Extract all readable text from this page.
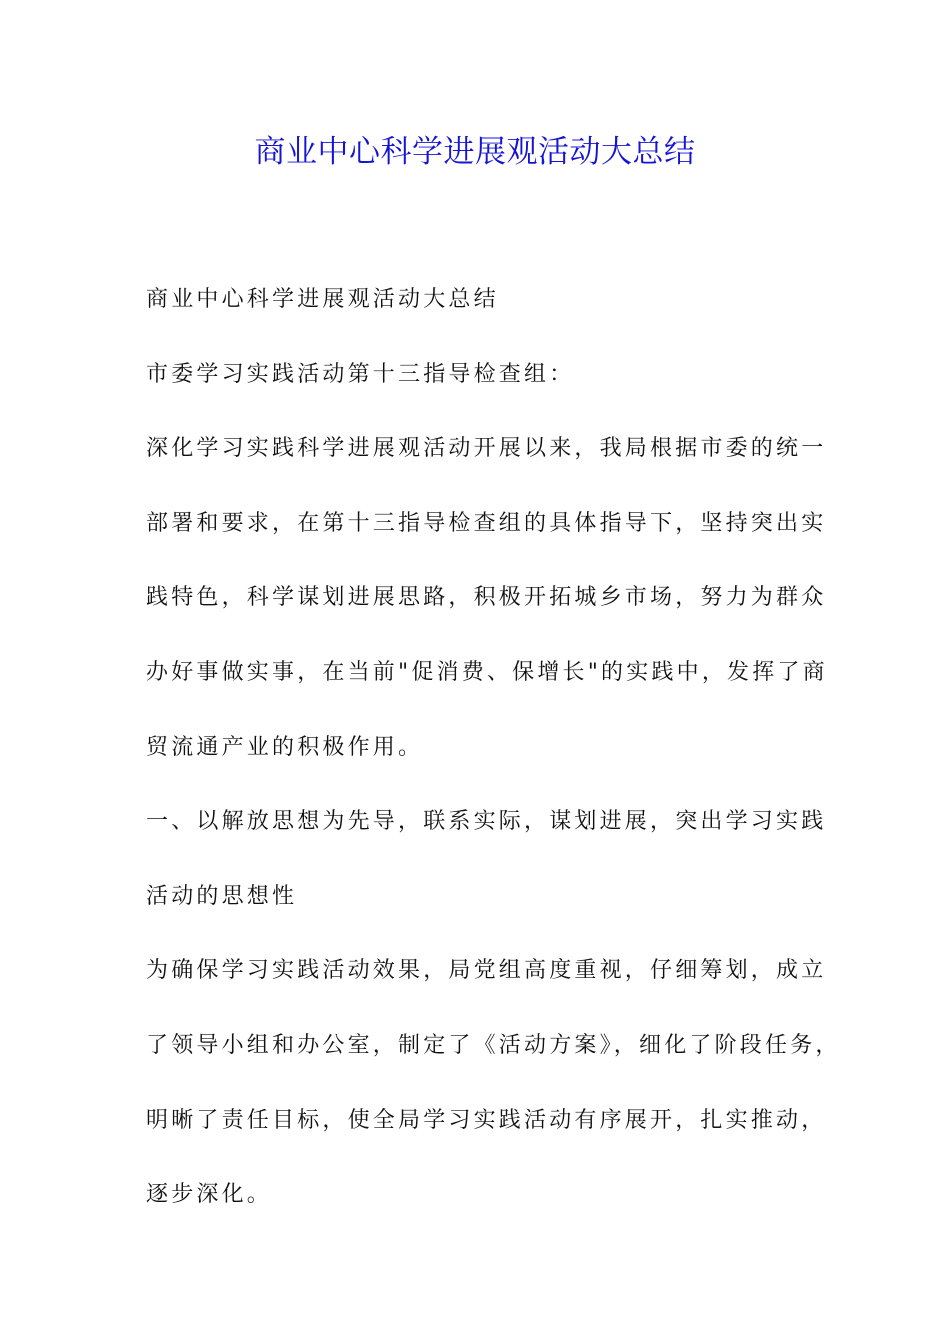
商业中心科学进展观活动大总结
商业中心科学进展观活动大总结
市委学习实践活动第十三指导检查组：
深化学习实践科学进展观活动开展以来，我局根据市委的统一
部署和要求，在第十三指导检查组的具体指导下，坚持突出实
践特色，科学谋划进展思路，积极开拓城乡市场，努力为群众
办好事做实事，在当前"促消费、保增长"的实践中，发挥了商
贸流通产业的积极作用。
一、以解放思想为先导，联系实际，谋划进展，突出学习实践
活动的思想性
为确保学习实践活动效果，局党组高度重视，仔细筹划，成立
了领导小组和办公室，制定了《活动方案》，细化了阶段任务，
明晰了责任目标，使全局学习实践活动有序展开，扎实推动，
逐步深化。
